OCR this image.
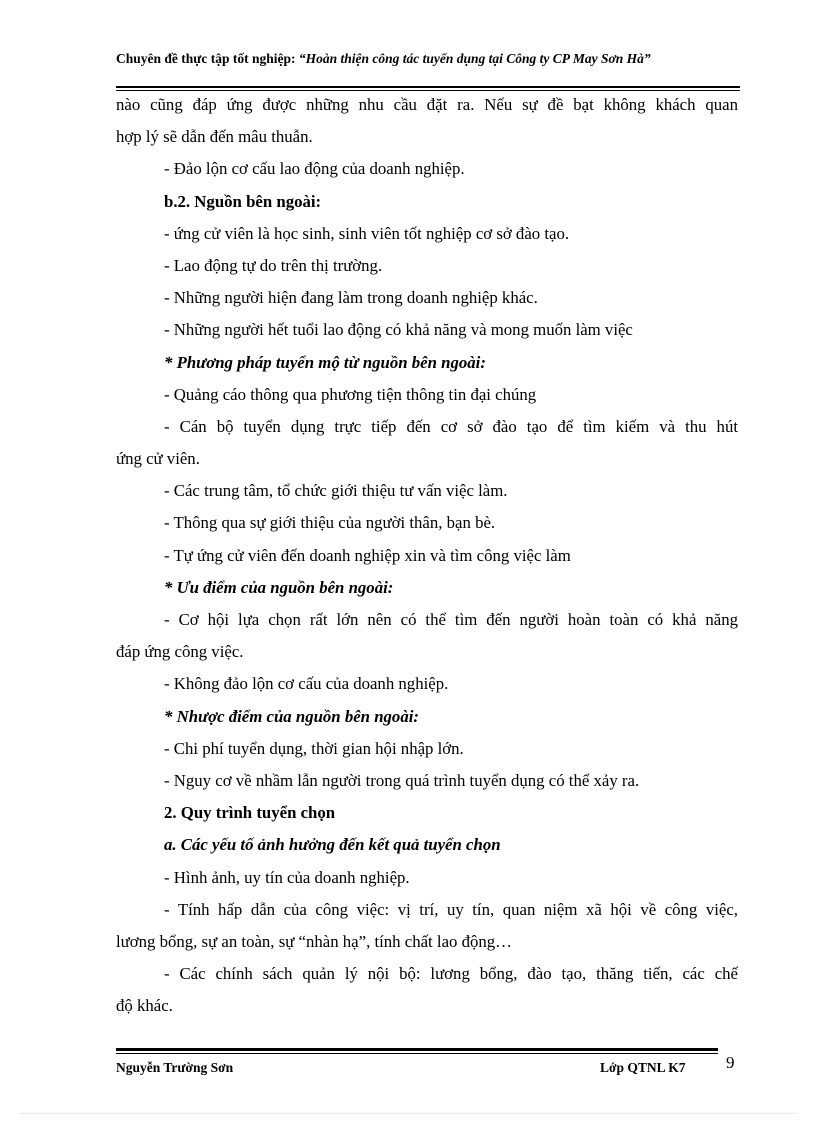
Chuyên đề thực tập tốt nghiệp: “Hoàn thiện công tác tuyển dụng tại Công ty CP May Sơn Hà”
nào cũng đáp ứng được những nhu cầu đặt ra. Nếu sự đề bạt không khách quan
hợp lý sẽ dẫn đến mâu thuẫn.
- Đảo lộn cơ cấu lao động của doanh nghiệp.
b.2. Nguồn bên ngoài:
- ứng cử viên là học sinh, sinh viên tốt nghiệp cơ sở đào tạo.
- Lao động tự do trên thị trường.
- Những người hiện đang làm trong doanh nghiệp khác.
- Những người hết tuổi lao động có khả năng và mong muốn làm việc
* Phương pháp tuyển mộ từ nguồn bên ngoài:
- Quảng cáo thông qua phương tiện thông tin đại chúng
- Cán bộ tuyển dụng trực tiếp đến cơ sở đào tạo để tìm kiếm và thu hút
ứng cử viên.
- Các trung tâm, tổ chức giới thiệu tư vấn việc làm.
- Thông qua sự giới thiệu của người thân, bạn bè.
- Tự ứng cử viên đến doanh nghiệp xin và tìm công việc làm
* Ưu điểm của nguồn bên ngoài:
- Cơ hội lựa chọn rất lớn nên có thể tìm đến người hoàn toàn có khả năng
đáp ứng công việc.
- Không đảo lộn cơ cấu của doanh nghiệp.
* Nhược điểm của nguồn bên ngoài:
- Chi phí tuyển dụng, thời gian hội nhập lớn.
- Nguy cơ về nhầm lẫn người trong quá trình tuyển dụng có thể xảy ra.
2. Quy trình tuyển chọn
a. Các yếu tố ảnh hưởng đến kết quả tuyển chọn
- Hình ảnh, uy tín của doanh nghiệp.
- Tính hấp dẫn của công việc: vị trí, uy tín, quan niệm xã hội về công việc,
lương bổng, sự an toàn, sự “nhàn hạ”, tính chất lao động…
- Các chính sách quản lý nội bộ: lương bổng, đào tạo, thăng tiến, các chế
độ khác.
Nguyễn Trường Sơn	Lớp QTNL K7 9
